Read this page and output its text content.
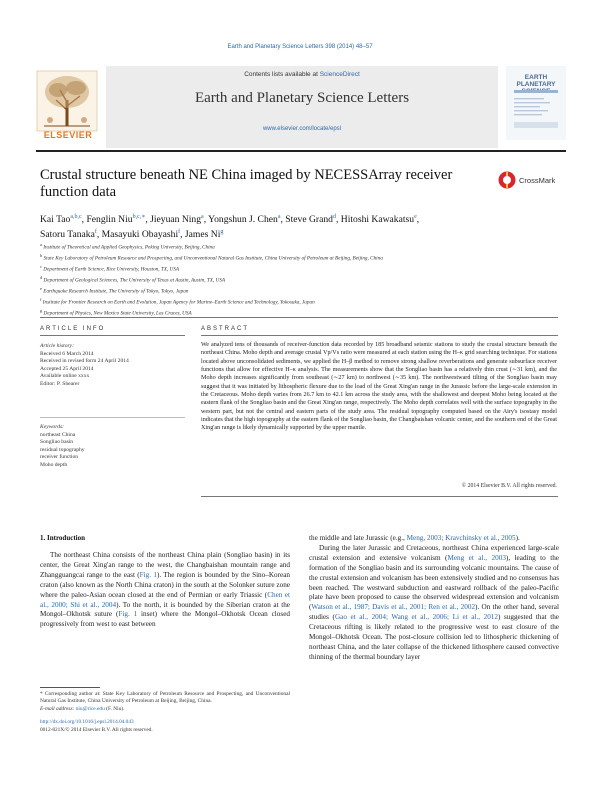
Earth and Planetary Science Letters 398 (2014) 48–57
ELSEVIER
Contents lists available at ScienceDirect
Earth and Planetary Science Letters
www.elsevier.com/locate/epsl
EARTH PLANETARY
CrossMark
Crustal structure beneath NE China imaged by NECESSArray receiver function data
Kai Tao$^{a,b,c}$, Fenglin Niu$^{b,c,∗}$, Jieyuan Ning$^a$, Yongshun J. Chen$^a$, Steve Grand$^d$, Hitoshi Kawakatsu$^e$,
Satoru Tanaka$^f$, Masayuki Obayashi$^f$, James Ni$^g$
$^a$ Institute of Theoretical and Applied Geophysics, Peking University, Beijing, China
$^b$ State Key Laboratory of Petroleum Resource and Prospecting, and Unconventional Natural Gas Institute, China University of Petroleum at Beijing, Beijing, China
$^c$ Department of Earth Science, Rice University, Houston, TX, USA
$^d$ Department of Geological Sciences, The University of Texas at Austin, Austin, TX, USA
$^e$ Earthquake Research Institute, The University of Tokyo, Tokyo, Japan
$^f$ Institute for Frontier Research on Earth and Evolution, Japan Agency for Marine–Earth Science and Technology, Yokosuka, Japan
$^g$ Department of Physics, New Mexico State University, Las Cruces, USA
ARTICLE INFO	ABSTRACT
Article history:
Received 6 March 2014
Received in revised form 24 April 2014
Accepted 25 April 2014
Available online xxxx
Editor: P. Shearer
Keywords:
northeast China
Songliao basin
residual topography
receiver function
Moho depth

We analyzed tens of thousands of receiver-function data recorded by 185 broadband seismic stations to study the crustal structure beneath the northeast China. Moho depth and average crustal Vp/Vs ratio were measured at each station using the H–κ grid searching technique. For stations located above unconsolidated sediments, we applied the H–β method to remove strong shallow reverberations and generate subsurface receiver functions that allow for effective H–κ analysis. The measurements show that the Songliao basin has a relatively thin crust (∼31 km), and the Moho depth increases significantly from southeast (∼27 km) to northwest (∼35 km). The northwestward tilting of the Songliao basin may suggest that it was initiated by lithospheric flexure due to the load of the Great Xing'an range in the Jurassic before the large-scale extension in the Cretaceous. Moho depth varies from 26.7 km to 42.1 km across the study area, with the shallowest and deepest Moho being located at the eastern flank of the Songliao basin and the Great Xing'an range, respectively. The Moho depth correlates well with the surface topography in the western part, but not the central and eastern parts of the study area. The residual topography computed based on the Airy's isostasy model indicates that the high topography at the eastern flank of the Songliao basin, the Changbaishan volcanic center, and the southern end of the Great Xing'an range is likely dynamically supported by the upper mantle.

© 2014 Elsevier B.V. All rights reserved.
1. Introduction

The northeast China consists of the northeast China plain (Songliao basin) in its center, the Great Xing'an range to the west, the Changbaishan mountain range and Zhangguangcai range to the east (Fig. 1). The region is bounded by the Sino–Korean craton (also known as the North China craton) in the south at the Solonker suture zone where the paleo-Asian ocean closed at the end of Permian or early Triassic (Chen et al., 2000; Shi et al., 2004). To the north, it is bounded by the Siberian craton at the Mongol–Okhotsk suture (Fig. 1 inset) where the Mongol–Okhotsk Ocean closed progressively from west to east between

the middle and late Jurassic (e.g., Meng, 2003; Kravchinsky et al., 2005).

During the later Jurassic and Cretaceous, northeast China experienced large-scale crustal extension and extensive volcanism (Meng et al., 2003), leading to the formation of the Songliao basin and its surrounding volcanic mountains. The cause of the crustal extension and volcanism has been extensively studied and no consensus has been reached. The westward subduction and eastward rollback of the paleo-Pacific plate have been proposed to cause the observed widespread extension and volcanism (Watson et al., 1987; Davis et al., 2001; Ren et al., 2002). On the other hand, several studies (Gao et al., 2004; Wang et al., 2006; Li et al., 2012) suggested that the Cretaceous rifting is likely related to the progressive west to east closure of the Mongol–Okhotsk Ocean. The post-closure collision led to lithospheric thickening of northeast China, and the later collapse of the thickened lithosphere caused convective thinning of the thermal boundary layer

* Corresponding author at: State Key Laboratory of Petroleum Resource and Prospecting, and Unconventional Natural Gas Institute, China University of Petroleum at Beijing, Beijing, China.
E-mail address: niu@rice.edu (F. Niu).
http://dx.doi.org/10.1016/j.epsl.2014.04.043
0012-821X/© 2014 Elsevier B.V. All rights reserved.
